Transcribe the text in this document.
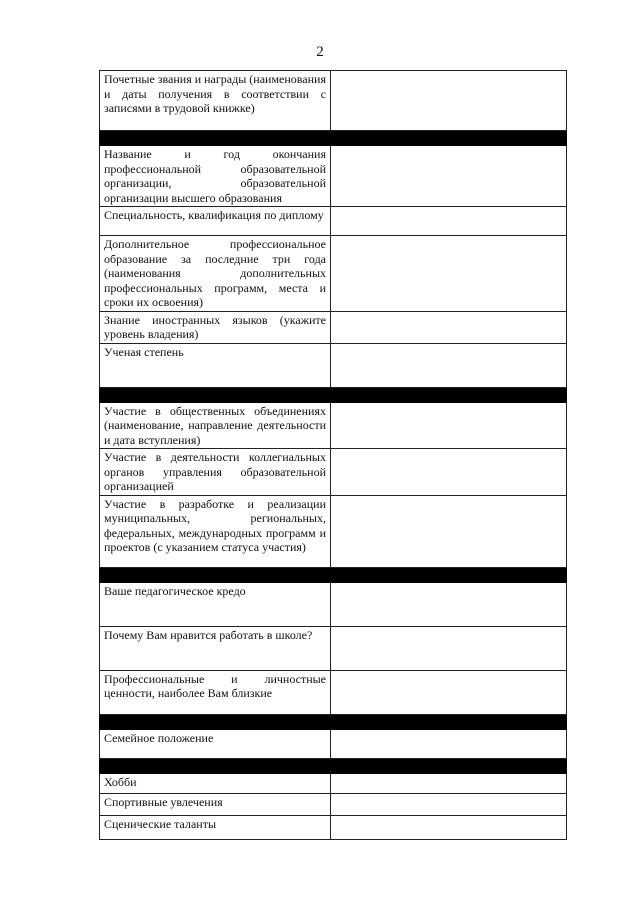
2
Почетные звания и награды (наименования и даты получения в соответствии с записями в трудовой книжке)	

Название и год окончания профессиональной образовательной организации, образовательной организации высшего образования	
Специальность, квалификация по диплому	
Дополнительное профессиональное образование за последние три года (наименования дополнительных профессиональных программ, места и сроки их освоения)	
Знание иностранных языков (укажите уровень владения)	
Ученая степень	

Участие в общественных объединениях (наименование, направление деятельности и дата вступления)	
Участие в деятельности коллегиальных органов управления образовательной организацией	
Участие в разработке и реализации муниципальных, региональных, федеральных, международных программ и проектов (с указанием статуса участия)	

Ваше педагогическое кредо	
Почему Вам нравится работать в школе?	
Профессиональные и личностные ценности, наиболее Вам близкие	

Семейное положение	

Хобби	
Спортивные увлечения	
Сценические таланты	
